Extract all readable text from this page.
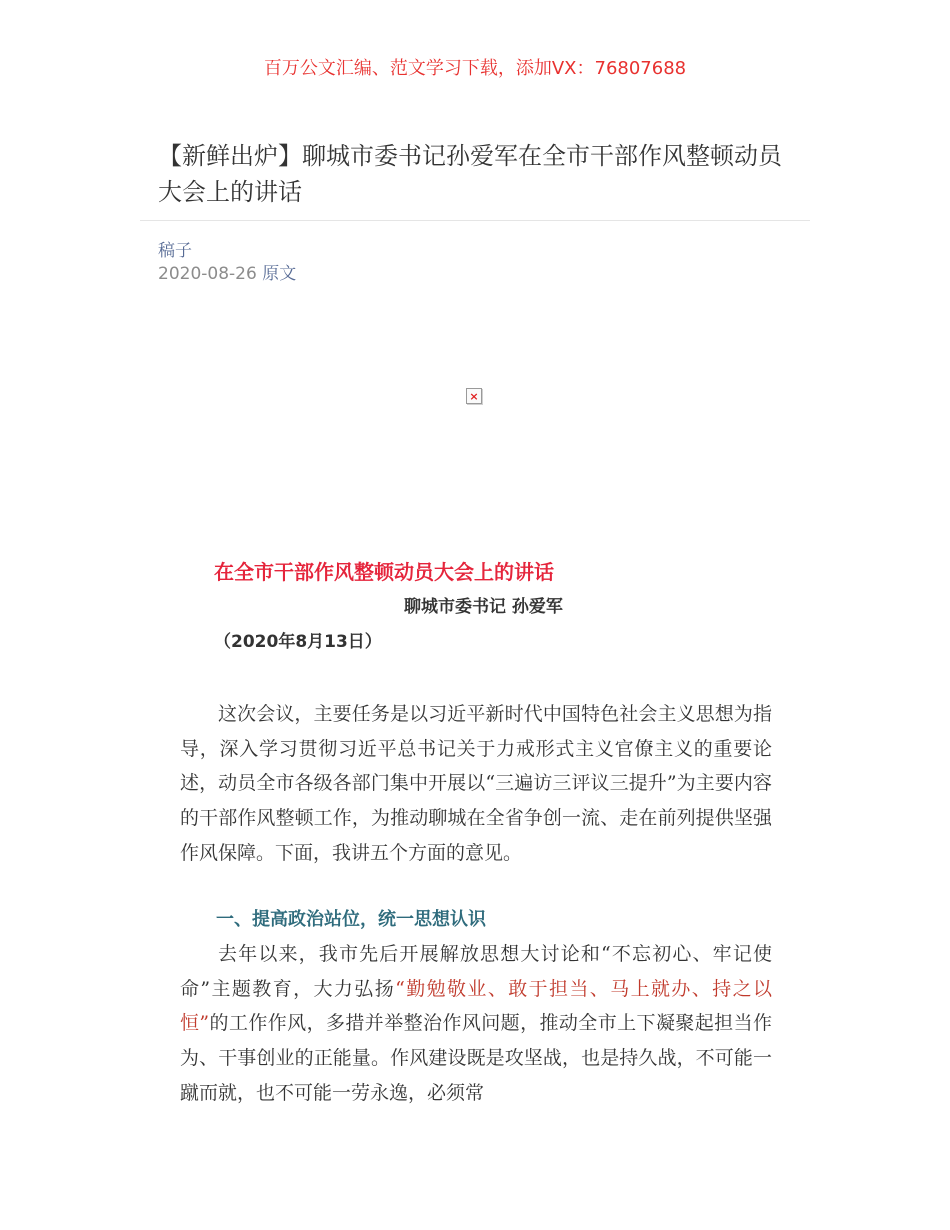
百万公文汇编、范文学习下载，添加VX：76807688
【新鲜出炉】聊城市委书记孙爱军在全市干部作风整顿动员大会上的讲话
稿子
2020-08-26 原文
×
在全市干部作风整顿动员大会上的讲话
聊城市委书记 孙爱军
（2020年8月13日）

这次会议，主要任务是以习近平新时代中国特色社会主义思想为指导，深入学习贯彻习近平总书记关于力戒形式主义官僚主义的重要论述，动员全市各级各部门集中开展以“三遍访三评议三提升”为主要内容的干部作风整顿工作，为推动聊城在全省争创一流、走在前列提供坚强作风保障。下面，我讲五个方面的意见。

一、提高政治站位，统一思想认识

去年以来，我市先后开展解放思想大讨论和“不忘初心、牢记使命”主题教育，大力弘扬“勤勉敬业、敢于担当、马上就办、持之以恒”的工作作风，多措并举整治作风问题，推动全市上下凝聚起担当作为、干事创业的正能量。作风建设既是攻坚战，也是持久战，不可能一蹴而就，也不可能一劳永逸，必须常
